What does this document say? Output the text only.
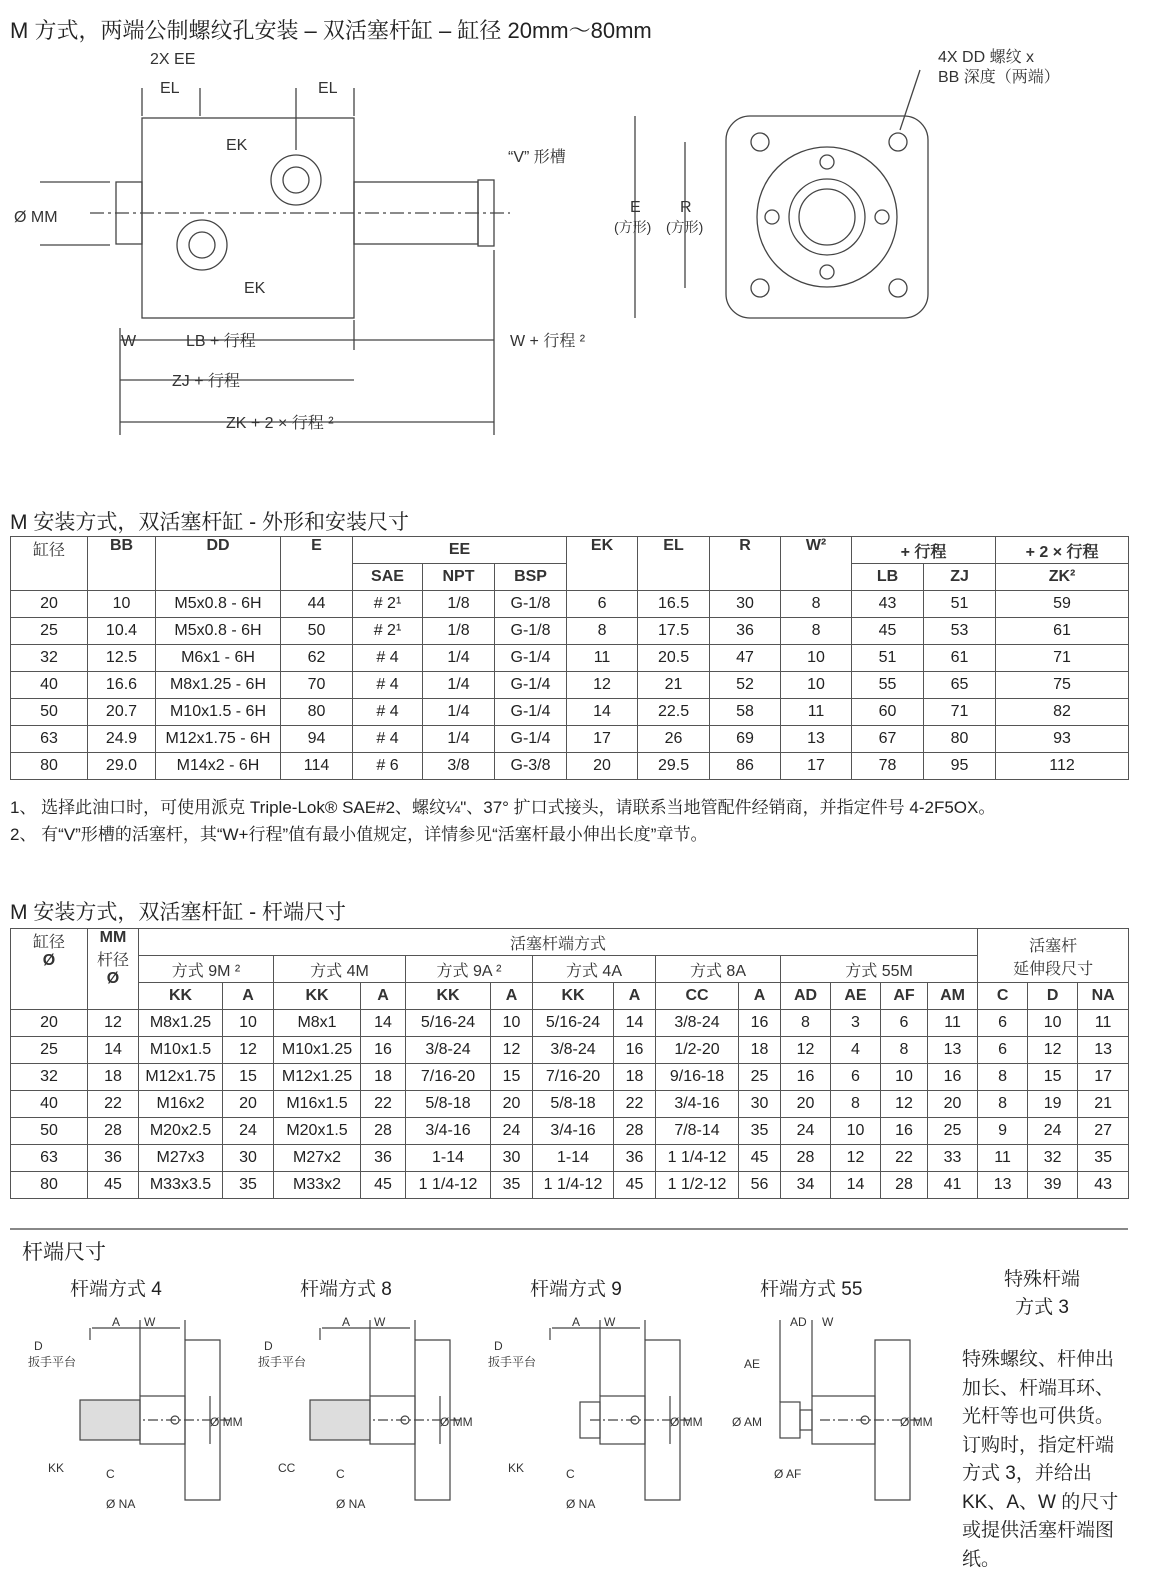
M 方式，两端公制螺纹孔安装 – 双活塞杆缸 – 缸径 20mm～80mm
2X EE
EL	EL
EK
EK
“V” 形槽
Ø MM
W	LB + 行程	W + 行程 ²
ZJ + 行程
ZK + 2 × 行程 ²
4X DD 螺纹 x
BB 深度（两端）
E
(方形)
R
(方形)
M 安装方式，双活塞杆缸 - 外形和安装尺寸
缸径	BB	DD	E	EE			EK	EL	R	W²	+ 行程		+ 2 × 行程
				SAE	NPT	BSP					LB	ZJ	ZK²
20	10	M5x0.8 - 6H	44	# 2¹	1/8	G-1/8	6	16.5	30	8	43	51	59
25	10.4	M5x0.8 - 6H	50	# 2¹	1/8	G-1/8	8	17.5	36	8	45	53	61
32	12.5	M6x1 - 6H	62	# 4	1/4	G-1/4	11	20.5	47	10	51	61	71
40	16.6	M8x1.25 - 6H	70	# 4	1/4	G-1/4	12	21	52	10	55	65	75
50	20.7	M10x1.5 - 6H	80	# 4	1/4	G-1/4	14	22.5	58	11	60	71	82
63	24.9	M12x1.75 - 6H	94	# 4	1/4	G-1/4	17	26	69	13	67	80	93
80	29.0	M14x2 - 6H	114	# 6	3/8	G-3/8	20	29.5	86	17	78	95	112
1、 选择此油口时，可使用派克 Triple-Lok® SAE#2、螺纹¼"、37° 扩口式接头，请联系当地管配件经销商，并指定件号 4-2F5OX。
2、 有“V”形槽的活塞杆，其“W+行程”值有最小值规定，详情参见“活塞杆最小伸出长度”章节。
M 安装方式，双活塞杆缸 - 杆端尺寸
缸径
Ø	MM
杆径
Ø	活塞杆端方式														活塞杆
延伸段尺寸		
		方式 9M ²		方式 4M		方式 9A ²		方式 4A		方式 8A		方式 55M						
		KK	A	KK	A	KK	A	KK	A	CC	A	AD	AE	AF	AM	C	D	NA
20	12	M8x1.25	10	M8x1	14	5/16-24	10	5/16-24	14	3/8-24	16	8	3	6	11	6	10	11
25	14	M10x1.5	12	M10x1.25	16	3/8-24	12	3/8-24	16	1/2-20	18	12	4	8	13	6	12	13
32	18	M12x1.75	15	M12x1.25	18	7/16-20	15	7/16-20	18	9/16-18	25	16	6	10	16	8	15	17
40	22	M16x2	20	M16x1.5	22	5/8-18	20	5/8-18	22	3/4-16	30	20	8	12	20	8	19	21
50	28	M20x2.5	24	M20x1.5	28	3/4-16	24	3/4-16	28	7/8-14	35	24	10	16	25	9	24	27
63	36	M27x3	30	M27x2	36	1-14	30	1-14	36	1 1/4-12	45	28	12	22	33	11	32	35
80	45	M33x3.5	35	M33x2	45	1 1/4-12	35	1 1/4-12	45	1 1/2-12	56	34	14	28	41	13	39	43
杆端尺寸
杆端方式 4
D
扳手平台
A W
Ø MM
KK	C
Ø NA
杆端方式 8
D
扳手平台
A W
Ø MM
CC	C
Ø NA
杆端方式 9
D
扳手平台
A W
Ø MM
KK	C
Ø NA
杆端方式 55
AD W
AE
Ø AM
Ø AF
Ø MM
特殊杆端
方式 3
特殊螺纹、杆伸出加长、杆端耳环、光杆等也可供货。订购时，指定杆端方式 3，并给出 KK、A、W 的尺寸或提供活塞杆端图纸。
